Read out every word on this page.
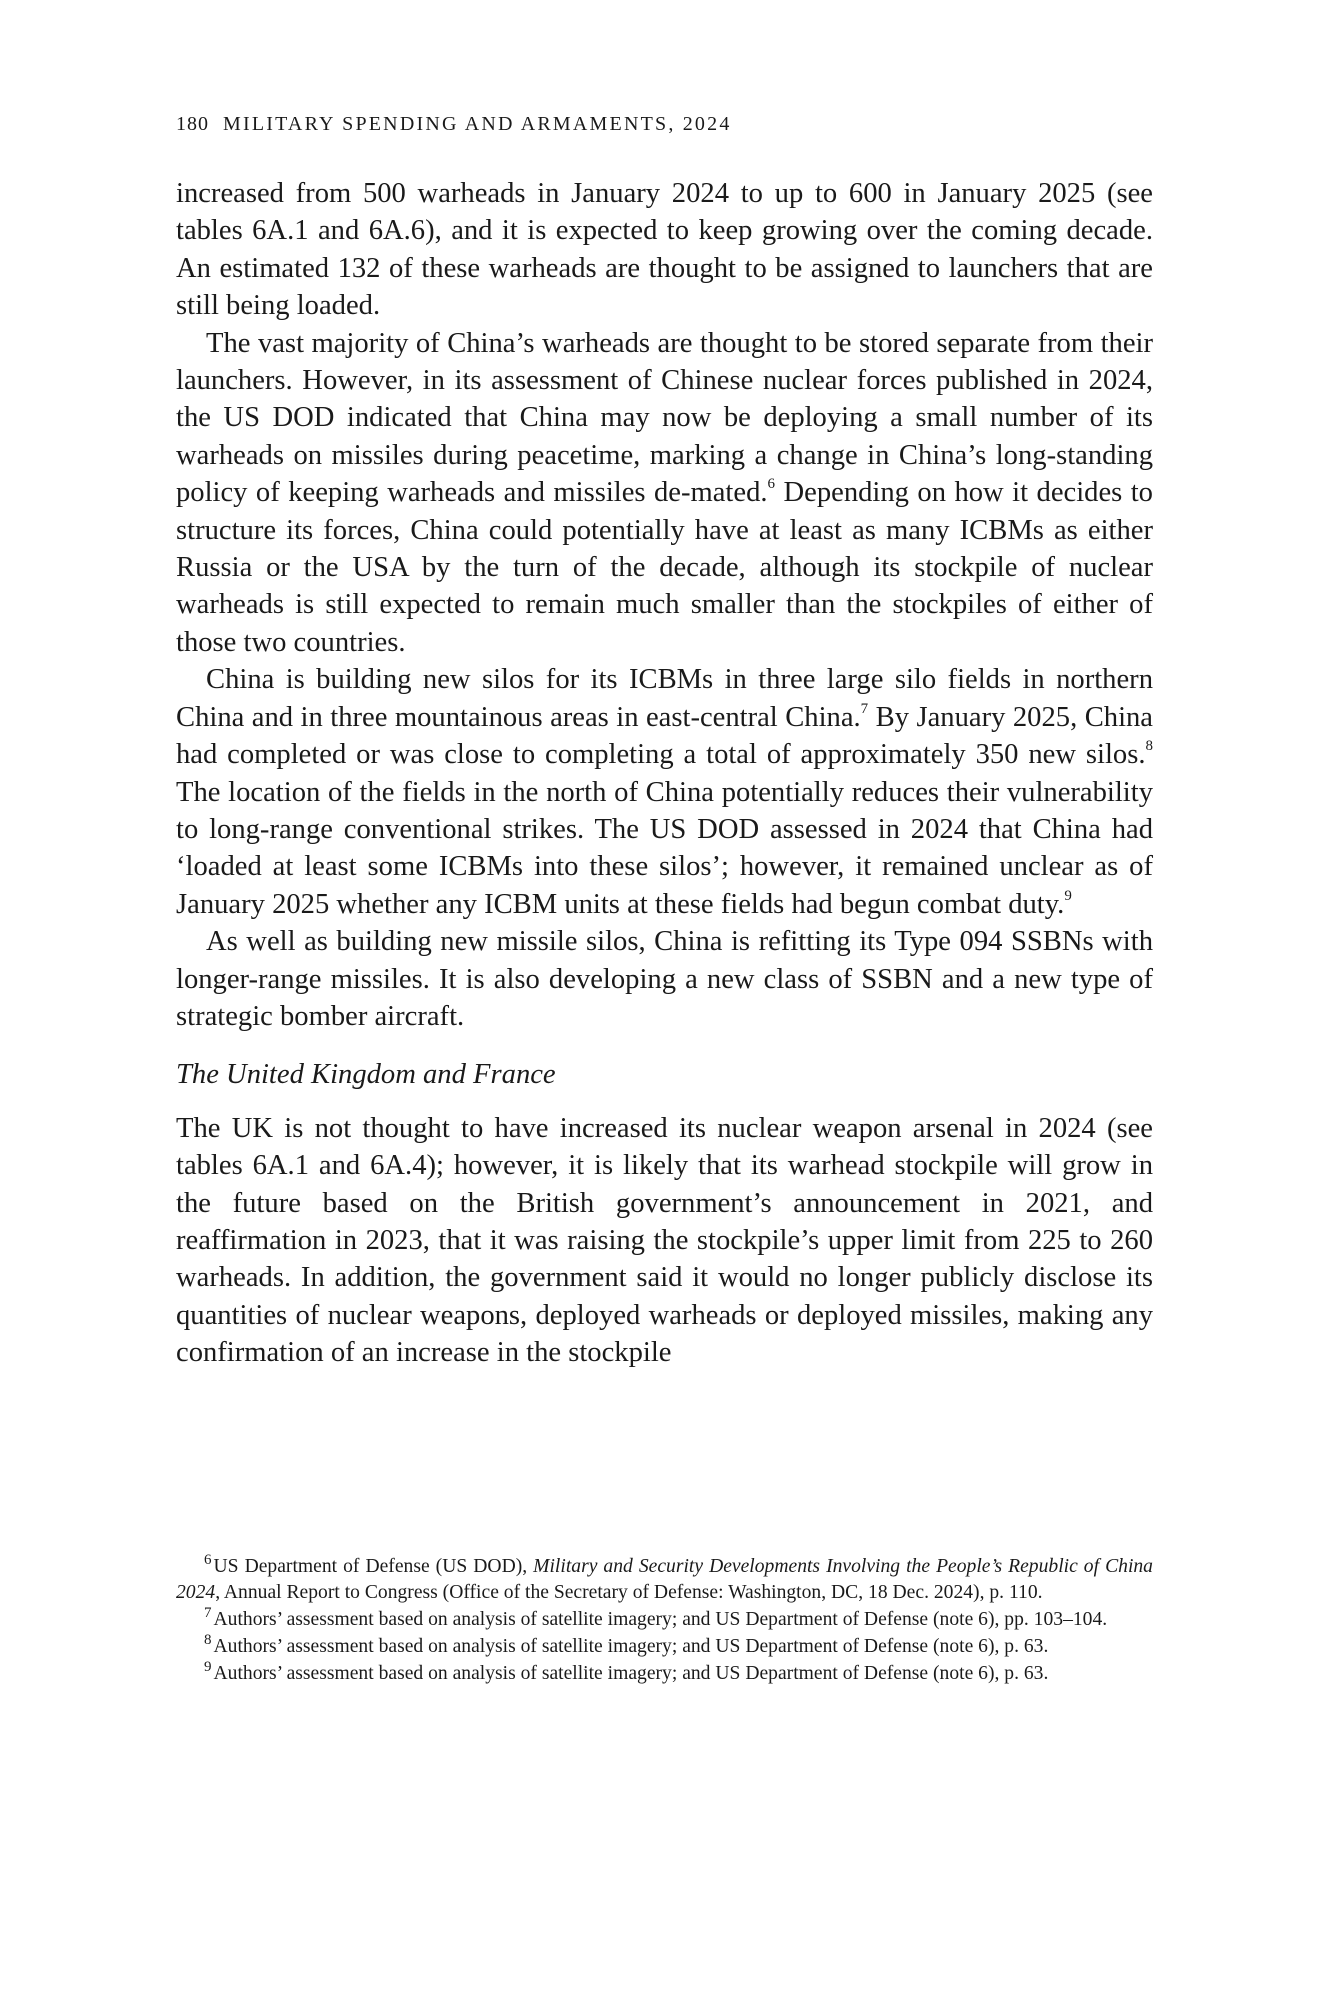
180 MILITARY SPENDING AND ARMAMENTS, 2024

increased from 500 warheads in January 2024 to up to 600 in January 2025 (see tables 6A.1 and 6A.6), and it is expected to keep growing over the coming decade. An estimated 132 of these warheads are thought to be assigned to launchers that are still being loaded.

The vast majority of China’s warheads are thought to be stored separate from their launchers. However, in its assessment of Chinese nuclear forces published in 2024, the US DOD indicated that China may now be deploying a small number of its warheads on missiles during peacetime, marking a change in China’s long-standing policy of keeping warheads and missiles de-mated.$^6$ Depending on how it decides to structure its forces, China could potentially have at least as many ICBMs as either Russia or the USA by the turn of the decade, although its stockpile of nuclear warheads is still expected to remain much smaller than the stockpiles of either of those two countries.

China is building new silos for its ICBMs in three large silo fields in northern China and in three mountainous areas in east-central China.$^7$ By January 2025, China had completed or was close to completing a total of approximately 350 new silos.$^8$ The location of the fields in the north of China potentially reduces their vulnerability to long-range conventional strikes. The US DOD assessed in 2024 that China had ‘loaded at least some ICBMs into these silos’; however, it remained unclear as of January 2025 whether any ICBM units at these fields had begun combat duty.$^9$

As well as building new missile silos, China is refitting its Type 094 SSBNs with longer-range missiles. It is also developing a new class of SSBN and a new type of strategic bomber aircraft.

The United Kingdom and France

The UK is not thought to have increased its nuclear weapon arsenal in 2024 (see tables 6A.1 and 6A.4); however, it is likely that its warhead stockpile will grow in the future based on the British government’s announcement in 2021, and reaffirmation in 2023, that it was raising the stockpile’s upper limit from 225 to 260 warheads. In addition, the government said it would no longer publicly disclose its quantities of nuclear weapons, deployed warheads or deployed missiles, making any confirmation of an increase in the stockpile

$^6$ US Department of Defense (US DOD), Military and Security Developments Involving the People’s Republic of China 2024, Annual Report to Congress (Office of the Secretary of Defense: Washington, DC, 18 Dec. 2024), p. 110.

$^7$ Authors’ assessment based on analysis of satellite imagery; and US Department of Defense (note 6), pp. 103–104.

$^8$ Authors’ assessment based on analysis of satellite imagery; and US Department of Defense (note 6), p. 63.

$^9$ Authors’ assessment based on analysis of satellite imagery; and US Department of Defense (note 6), p. 63.
